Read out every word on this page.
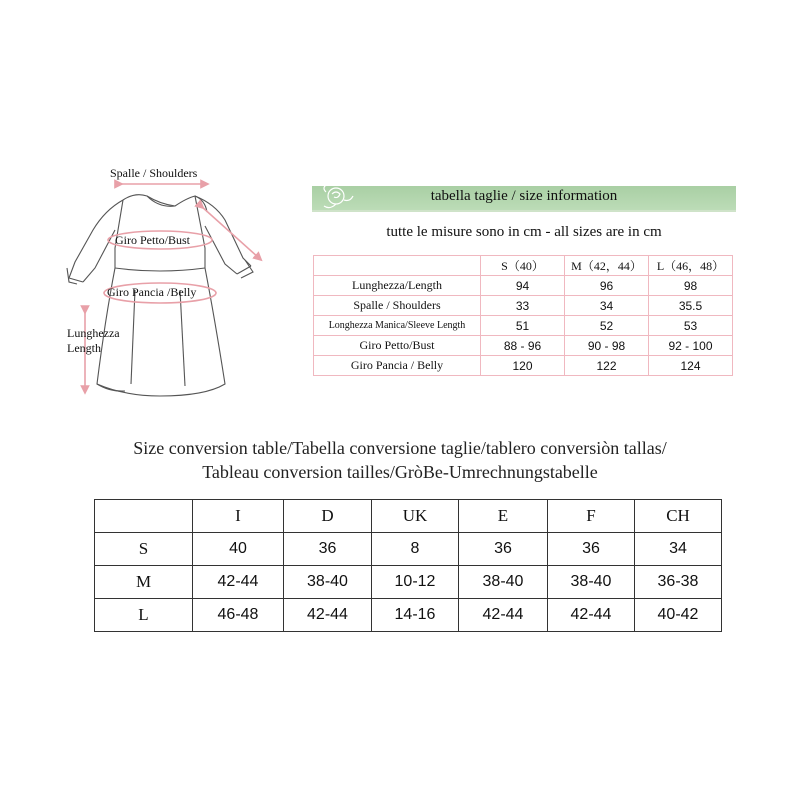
Spalle / Shoulders
Giro Petto/Bust
Giro Pancia /Belly
Lunghezza
Length
tabella taglie / size information
tutte le misure sono in cm - all sizes are in cm
	S（40）	M（42，44）	L（46，48）
Lunghezza/Length	94	96	98
Spalle / Shoulders	33	34	35.5
Longhezza Manica/Sleeve Length	51	52	53
Giro Petto/Bust	88 - 96	90 - 98	92 - 100
Giro Pancia / Belly	120	122	124
Size conversion table/Tabella conversione taglie/tablero conversiòn tallas/
Tableau conversion tailles/GròBe-Umrechnungstabelle
	I	D	UK	E	F	CH
S	40	36	8	36	36	34
M	42-44	38-40	10-12	38-40	38-40	36-38
L	46-48	42-44	14-16	42-44	42-44	40-42
